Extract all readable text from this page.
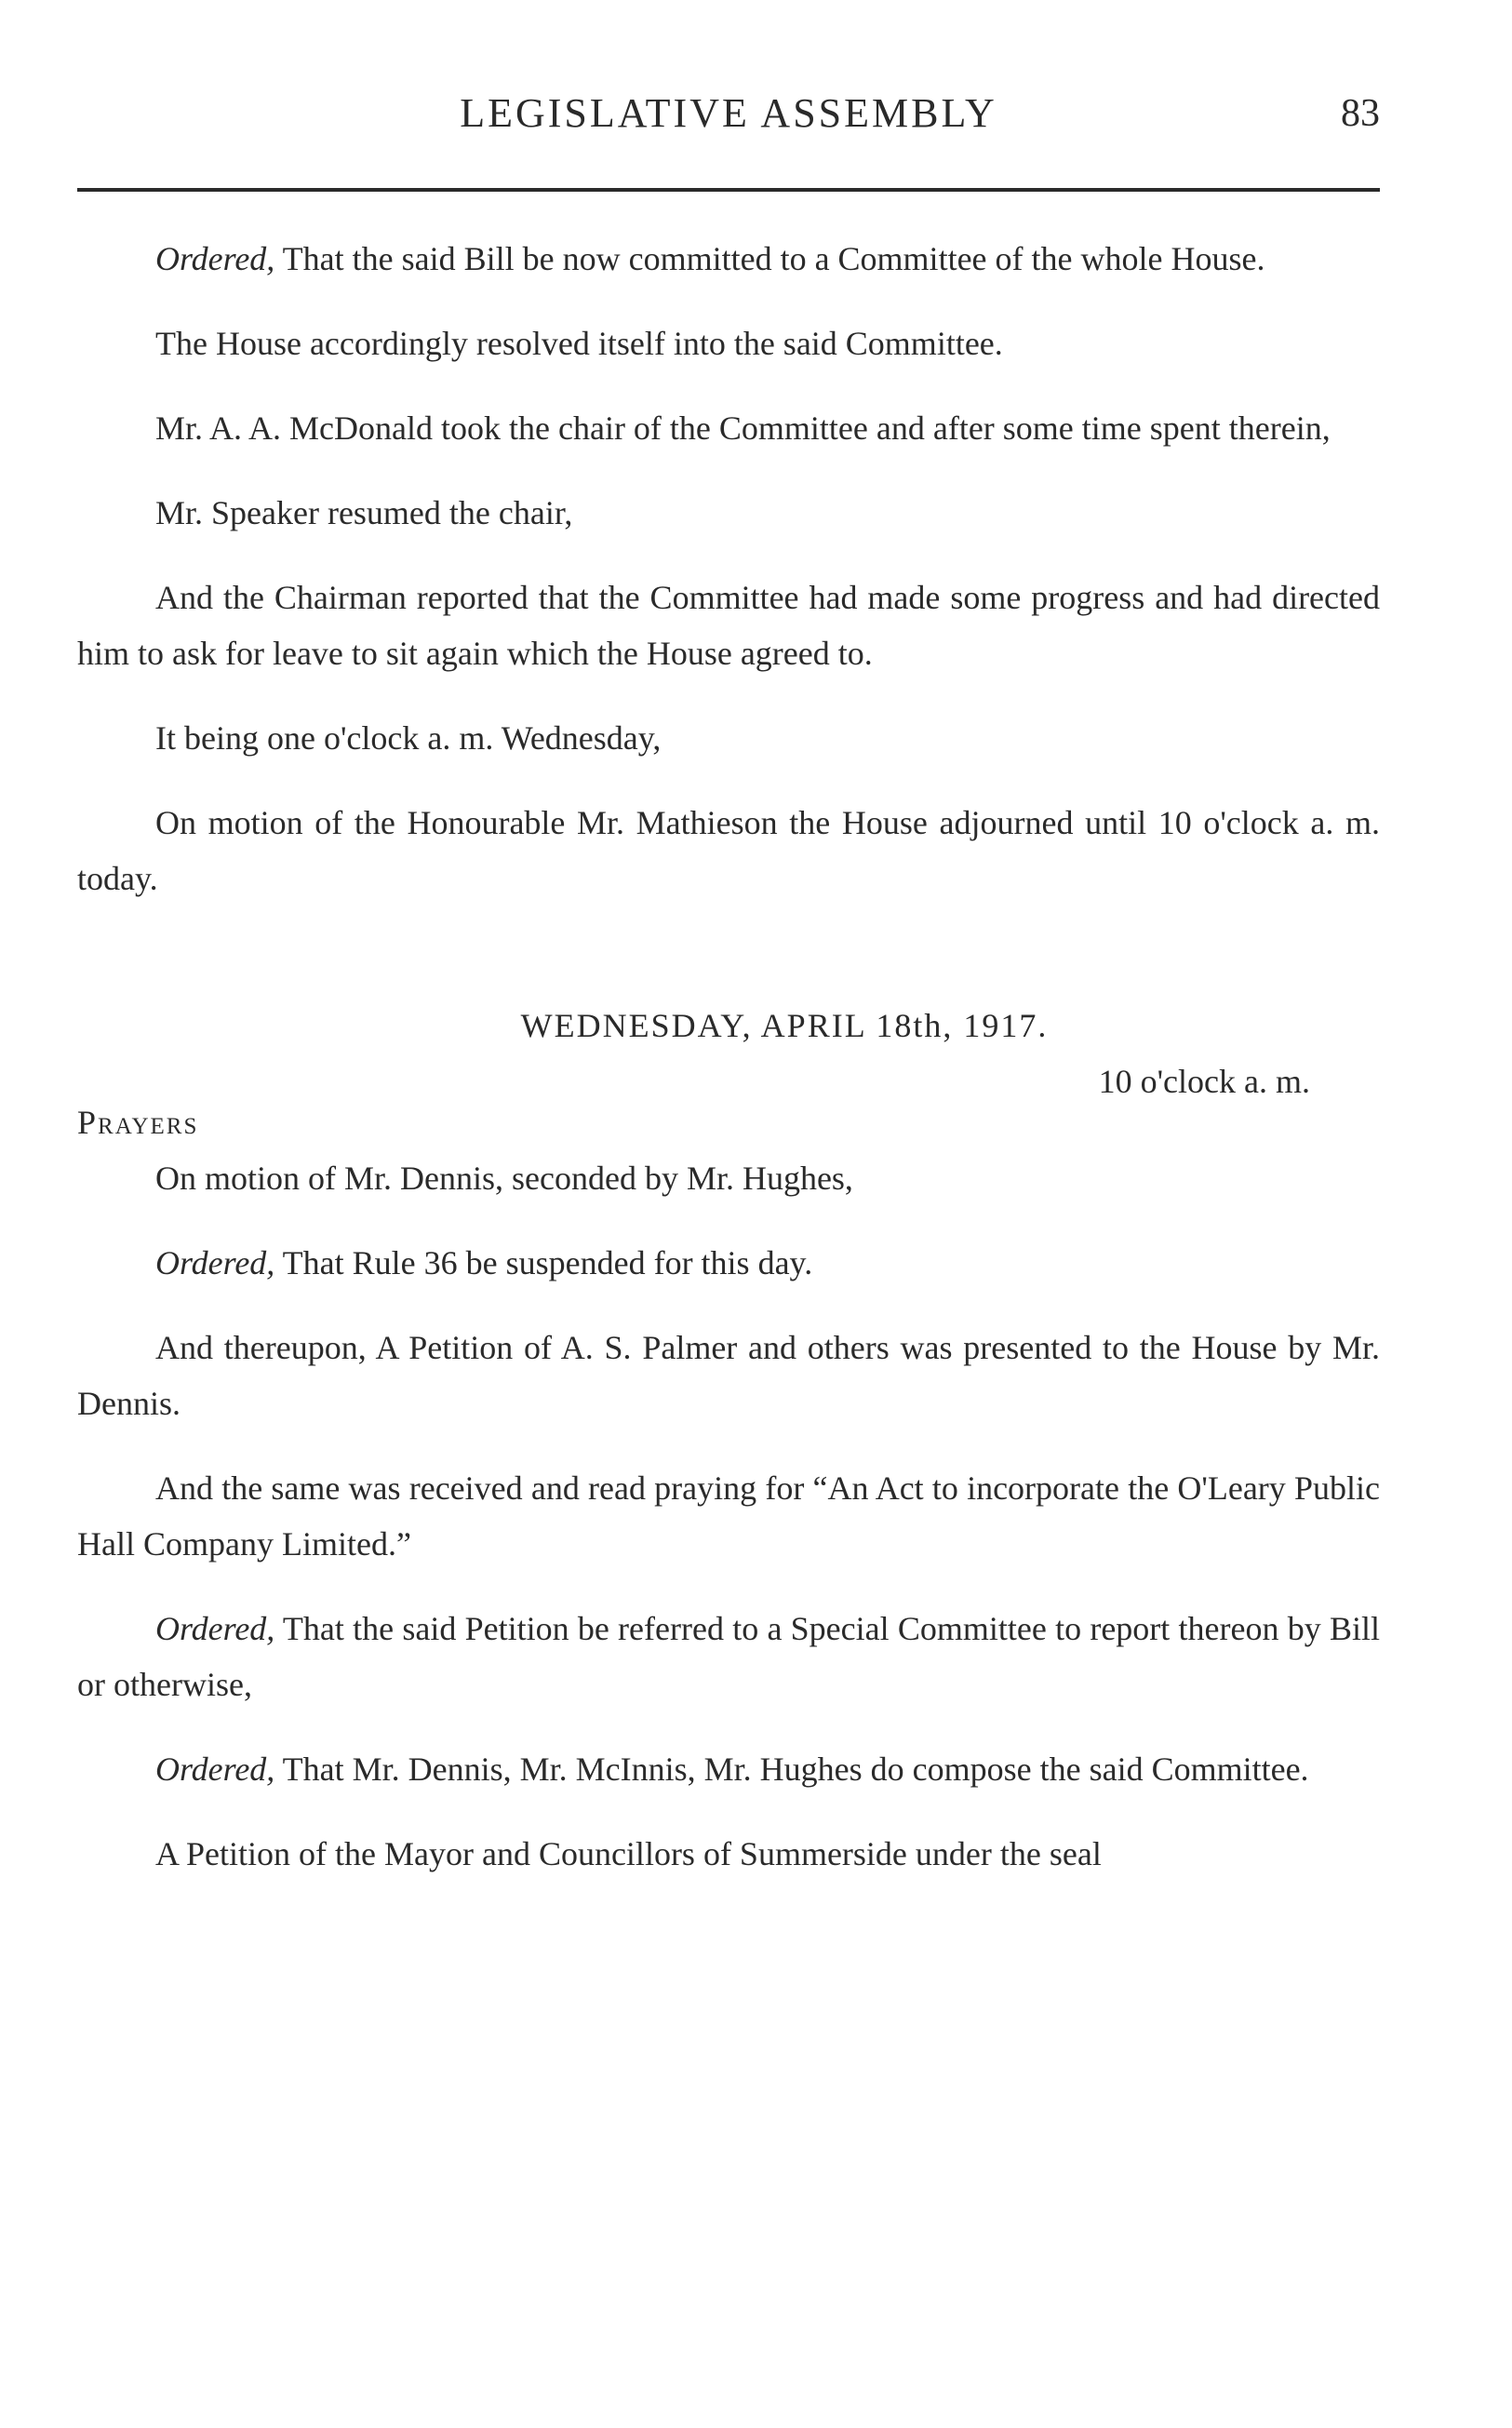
LEGISLATIVE ASSEMBLY	83

Ordered, That the said Bill be now committed to a Committee of the whole House.

The House accordingly resolved itself into the said Committee.

Mr. A. A. McDonald took the chair of the Committee and after some time spent therein,

Mr. Speaker resumed the chair,

And the Chairman reported that the Committee had made some progress and had directed him to ask for leave to sit again which the House agreed to.

It being one o'clock a. m. Wednesday,

On motion of the Honourable Mr. Mathieson the House adjourned until 10 o'clock a. m. today.

WEDNESDAY, APRIL 18th, 1917.
10 o'clock a. m.
Prayers

On motion of Mr. Dennis, seconded by Mr. Hughes,

Ordered, That Rule 36 be suspended for this day.

And thereupon, A Petition of A. S. Palmer and others was presented to the House by Mr. Dennis.

And the same was received and read praying for “An Act to incorporate the O'Leary Public Hall Company Limited.”

Ordered, That the said Petition be referred to a Special Committee to report thereon by Bill or otherwise,

Ordered, That Mr. Dennis, Mr. McInnis, Mr. Hughes do compose the said Committee.

A Petition of the Mayor and Councillors of Summerside under the seal
